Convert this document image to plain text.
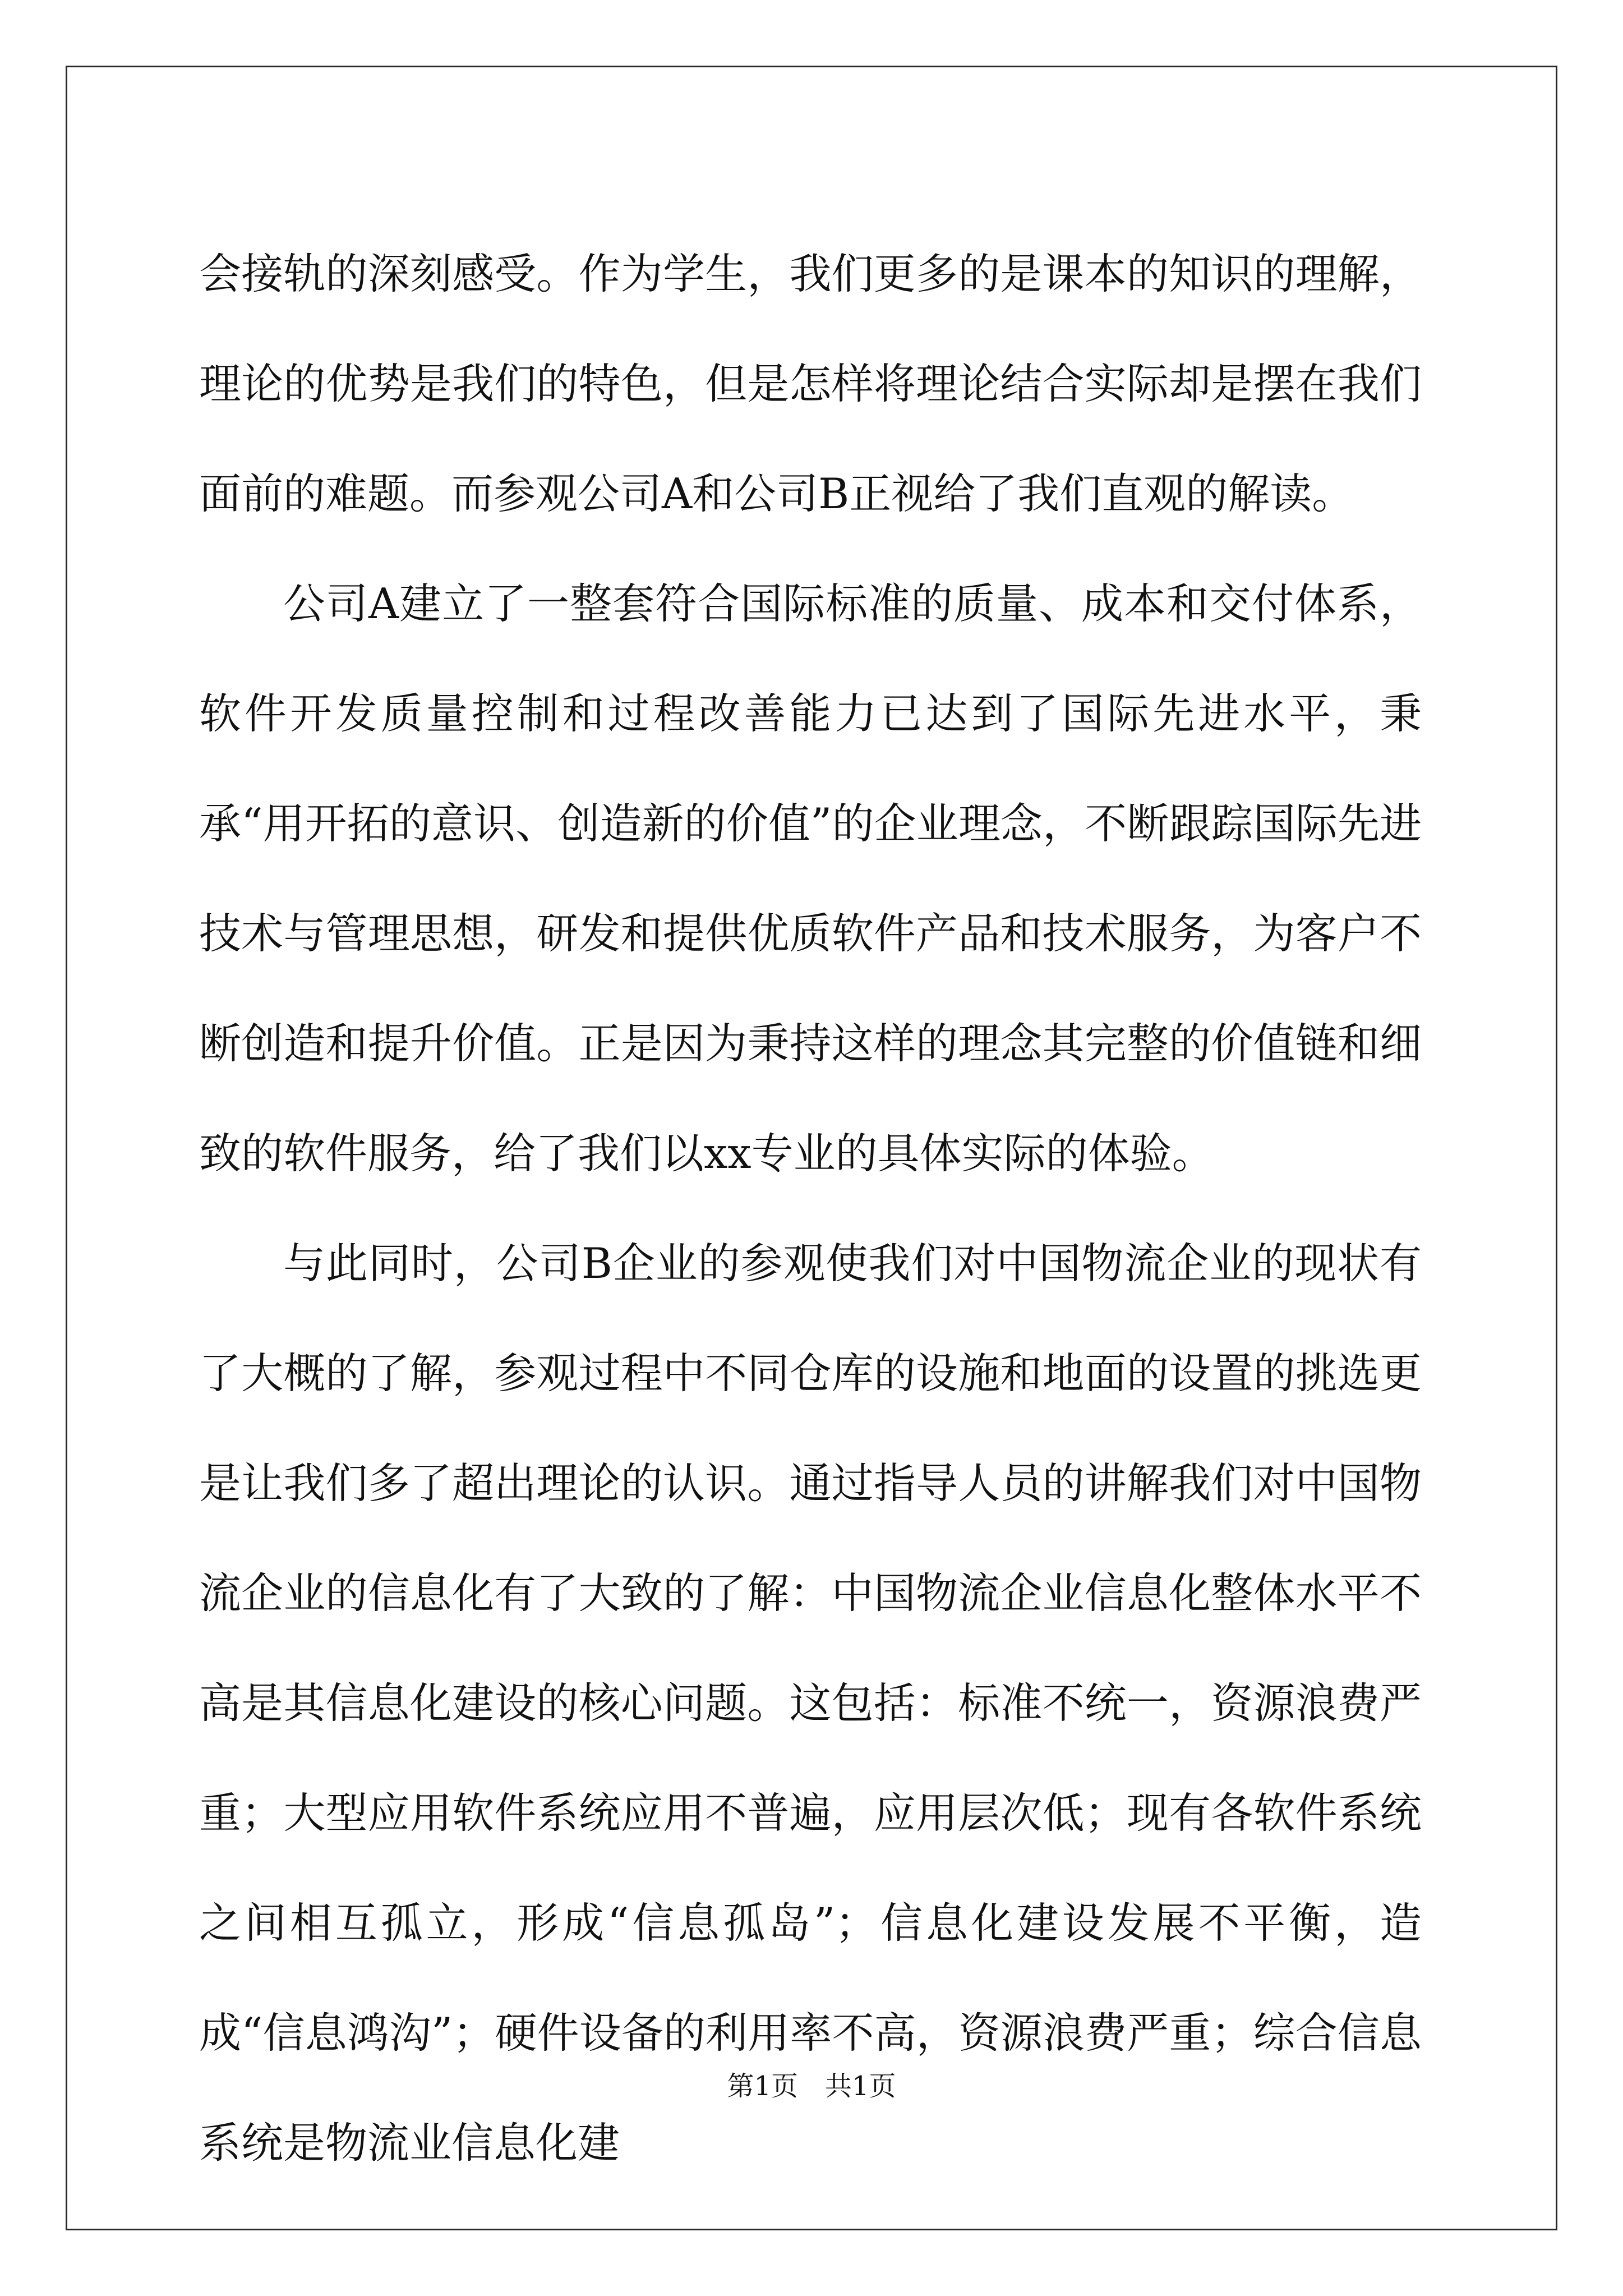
会接轨的深刻感受。作为学生，我们更多的是课本的知识的理解，理论的优势是我们的特色，但是怎样将理论结合实际却是摆在我们面前的难题。而参观公司A和公司B正视给了我们直观的解读。

公司A建立了一整套符合国际标准的质量、成本和交付体系，软件开发质量控制和过程改善能力已达到了国际先进水平，秉承“用开拓的意识、创造新的价值”的企业理念，不断跟踪国际先进技术与管理思想，研发和提供优质软件产品和技术服务，为客户不断创造和提升价值。正是因为秉持这样的理念其完整的价值链和细致的软件服务，给了我们以xx专业的具体实际的体验。

与此同时，公司B企业的参观使我们对中国物流企业的现状有了大概的了解，参观过程中不同仓库的设施和地面的设置的挑选更是让我们多了超出理论的认识。通过指导人员的讲解我们对中国物流企业的信息化有了大致的了解：中国物流企业信息化整体水平不高是其信息化建设的核心问题。这包括：标准不统一，资源浪费严重；大型应用软件系统应用不普遍，应用层次低；现有各软件系统之间相互孤立，形成“信息孤岛”；信息化建设发展不平衡，造成“信息鸿沟”；硬件设备的利用率不高，资源浪费严重；综合信息系统是物流业信息化建

第1页　共1页
